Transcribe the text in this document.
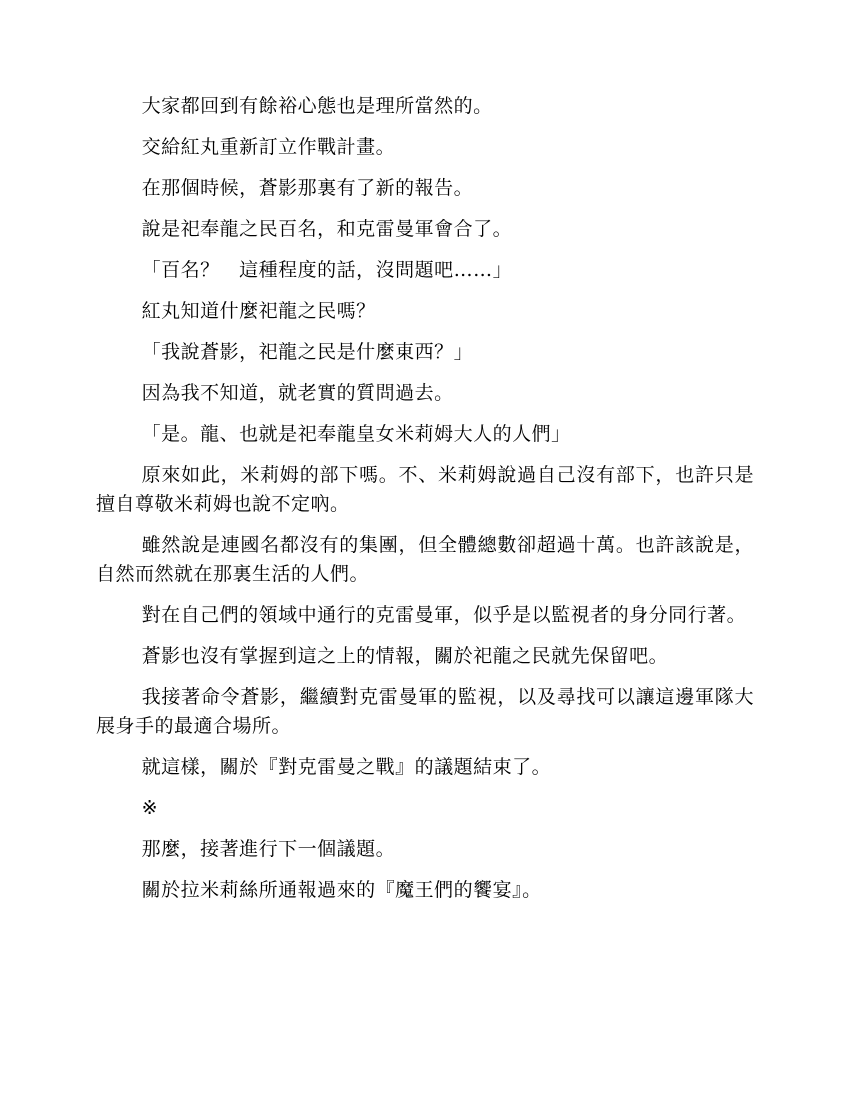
大家都回到有餘裕心態也是理所當然的。

交給紅丸重新訂立作戰計畫。

在那個時候，蒼影那裏有了新的報告。

說是祀奉龍之民百名，和克雷曼軍會合了。

「百名？　這種程度的話，沒問題吧……」

紅丸知道什麼祀龍之民嗎？

「我說蒼影，祀龍之民是什麼東西？」

因為我不知道，就老實的質問過去。

「是。龍、也就是祀奉龍皇女米莉姆大人的人們」

原來如此，米莉姆的部下嗎。不、米莉姆說過自己沒有部下，也許只是擅自尊敬米莉姆也說不定吶。

雖然說是連國名都沒有的集團，但全體總數卻超過十萬。也許該說是，自然而然就在那裏生活的人們。

對在自己們的領域中通行的克雷曼軍，似乎是以監視者的身分同行著。

蒼影也沒有掌握到這之上的情報，關於祀龍之民就先保留吧。

我接著命令蒼影，繼續對克雷曼軍的監視，以及尋找可以讓這邊軍隊大展身手的最適合場所。

就這樣，關於『對克雷曼之戰』的議題結束了。

※

那麼，接著進行下一個議題。

關於拉米莉絲所通報過來的『魔王們的饗宴』。
